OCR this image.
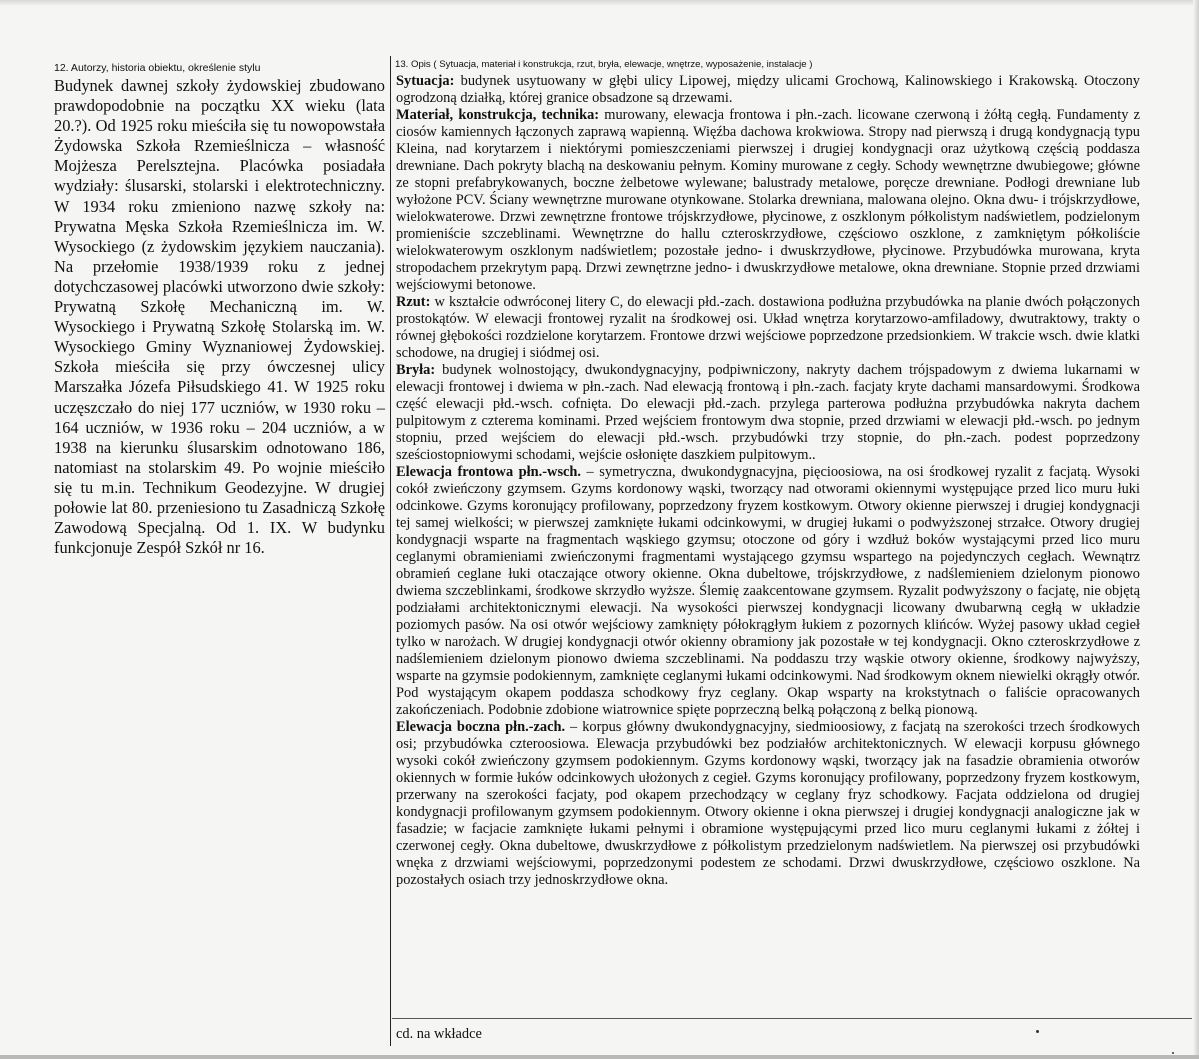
12. Autorzy, historia obiektu, określenie stylu	13. Opis ( Sytuacja, materiał i konstrukcja, rzut, bryła, elewacje, wnętrze, wyposażenie, instalacje )

Budynek dawnej szkoły żydowskiej zbudowano prawdopodobnie na początku XX wieku (lata 20.?). Od 1925 roku mieściła się tu nowopowstała Żydowska Szkoła Rzemieślnicza – własność Mojżesza Perelsztejna. Placówka posiadała wydziały: ślusarski, stolarski i elektrotechniczny. W 1934 roku zmieniono nazwę szkoły na: Prywatna Męska Szkoła Rzemieślnicza im. W. Wysockiego (z żydowskim językiem nauczania). Na przełomie 1938/1939 roku z jednej dotychczasowej placówki utworzono dwie szkoły: Prywatną Szkołę Mechaniczną im. W. Wysockiego i Prywatną Szkołę Stolarską im. W. Wysockiego Gminy Wyznaniowej Żydowskiej. Szkoła mieściła się przy ówczesnej ulicy Marszałka Józefa Piłsudskiego 41. W 1925 roku uczęszczało do niej 177 uczniów, w 1930 roku – 164 uczniów, w 1936 roku – 204 uczniów, a w 1938 na kierunku ślusarskim odnotowano 186, natomiast na stolarskim 49. Po wojnie mieściło się tu m.in. Technikum Geodezyjne. W drugiej połowie lat 80. przeniesiono tu Zasadniczą Szkołę Zawodową Specjalną. Od 1. IX. W budynku funkcjonuje Zespół Szkół nr 16.

Sytuacja: budynek usytuowany w głębi ulicy Lipowej, między ulicami Grochową, Kalinowskiego i Krakowską. Otoczony ogrodzoną działką, której granice obsadzone są drzewami.

Materiał, konstrukcja, technika: murowany, elewacja frontowa i płn.-zach. licowane czerwoną i żółtą cegłą. Fundamenty z ciosów kamiennych łączonych zaprawą wapienną. Więźba dachowa krokwiowa. Stropy nad pierwszą i drugą kondygnacją typu Kleina, nad korytarzem i niektórymi pomieszczeniami pierwszej i drugiej kondygnacji oraz użytkową częścią poddasza drewniane. Dach pokryty blachą na deskowaniu pełnym. Kominy murowane z cegły. Schody wewnętrzne dwubiegowe; główne ze stopni prefabrykowanych, boczne żelbetowe wylewane; balustrady metalowe, poręcze drewniane. Podłogi drewniane lub wyłożone PCV. Ściany wewnętrzne murowane otynkowane. Stolarka drewniana, malowana olejno. Okna dwu- i trójskrzydłowe, wielokwaterowe. Drzwi zewnętrzne frontowe trójskrzydłowe, płycinowe, z oszklonym półkolistym nadświetlem, podzielonym promieniście szczeblinami. Wewnętrzne do hallu czteroskrzydłowe, częściowo oszklone, z zamkniętym półkoliście wielokwaterowym oszklonym nadświetlem; pozostałe jedno- i dwuskrzydłowe, płycinowe. Przybudówka murowana, kryta stropodachem przekrytym papą. Drzwi zewnętrzne jedno- i dwuskrzydłowe metalowe, okna drewniane. Stopnie przed drzwiami wejściowymi betonowe.

Rzut: w kształcie odwróconej litery C, do elewacji płd.-zach. dostawiona podłużna przybudówka na planie dwóch połączonych prostokątów. W elewacji frontowej ryzalit na środkowej osi. Układ wnętrza korytarzowo-amfiladowy, dwutraktowy, trakty o równej głębokości rozdzielone korytarzem. Frontowe drzwi wejściowe poprzedzone przedsionkiem. W trakcie wsch. dwie klatki schodowe, na drugiej i siódmej osi.

Bryła: budynek wolnostojący, dwukondygnacyjny, podpiwniczony, nakryty dachem trójspadowym z dwiema lukarnami w elewacji frontowej i dwiema w płn.-zach. Nad elewacją frontową i płn.-zach. facjaty kryte dachami mansardowymi. Środkowa część elewacji płd.-wsch. cofnięta. Do elewacji płd.-zach. przylega parterowa podłużna przybudówka nakryta dachem pulpitowym z czterema kominami. Przed wejściem frontowym dwa stopnie, przed drzwiami w elewacji płd.-wsch. po jednym stopniu, przed wejściem do elewacji płd.-wsch. przybudówki trzy stopnie, do płn.-zach. podest poprzedzony sześciostopniowymi schodami, wejście osłonięte daszkiem pulpitowym..

Elewacja frontowa płn.-wsch. – symetryczna, dwukondygnacyjna, pięcioosiowa, na osi środkowej ryzalit z facjatą. Wysoki cokół zwieńczony gzymsem. Gzyms kordonowy wąski, tworzący nad otworami okiennymi występujące przed lico muru łuki odcinkowe. Gzyms koronujący profilowany, poprzedzony fryzem kostkowym. Otwory okienne pierwszej i drugiej kondygnacji tej samej wielkości; w pierwszej zamknięte łukami odcinkowymi, w drugiej łukami o podwyższonej strzałce. Otwory drugiej kondygnacji wsparte na fragmentach wąskiego gzymsu; otoczone od góry i wzdłuż boków wystającymi przed lico muru ceglanymi obramieniami zwieńczonymi fragmentami wystającego gzymsu wspartego na pojedynczych cegłach. Wewnątrz obramień ceglane łuki otaczające otwory okienne. Okna dubeltowe, trójskrzydłowe, z nadślemieniem dzielonym pionowo dwiema szczeblinkami, środkowe skrzydło wyższe. Ślemię zaakcentowane gzymsem. Ryzalit podwyższony o facjatę, nie objętą podziałami architektonicznymi elewacji. Na wysokości pierwszej kondygnacji licowany dwubarwną cegłą w układzie poziomych pasów. Na osi otwór wejściowy zamknięty półokrągłym łukiem z pozornych klińców. Wyżej pasowy układ cegieł tylko w narożach. W drugiej kondygnacji otwór okienny obramiony jak pozostałe w tej kondygnacji. Okno czteroskrzydłowe z nadślemieniem dzielonym pionowo dwiema szczeblinami. Na poddaszu trzy wąskie otwory okienne, środkowy najwyższy, wsparte na gzymsie podokiennym, zamknięte ceglanymi łukami odcinkowymi. Nad środkowym oknem niewielki okrągły otwór. Pod wystającym okapem poddasza schodkowy fryz ceglany. Okap wsparty na krokstytnach o faliście opracowanych zakończeniach. Podobnie zdobione wiatrownice spięte poprzeczną belką połączoną z belką pionową.

Elewacja boczna płn.-zach. – korpus główny dwukondygnacyjny, siedmioosiowy, z facjatą na szerokości trzech środkowych osi; przybudówka czteroosiowa. Elewacja przybudówki bez podziałów architektonicznych. W elewacji korpusu głównego wysoki cokół zwieńczony gzymsem podokiennym. Gzyms kordonowy wąski, tworzący jak na fasadzie obramienia otworów okiennych w formie łuków odcinkowych ułożonych z cegieł. Gzyms koronujący profilowany, poprzedzony fryzem kostkowym, przerwany na szerokości facjaty, pod okapem przechodzący w ceglany fryz schodkowy. Facjata oddzielona od drugiej kondygnacji profilowanym gzymsem podokiennym. Otwory okienne i okna pierwszej i drugiej kondygnacji analogiczne jak w fasadzie; w facjacie zamknięte łukami pełnymi i obramione występującymi przed lico muru ceglanymi łukami z żółtej i czerwonej cegły. Okna dubeltowe, dwuskrzydłowe z półkolistym przedzielonym nadświetlem. Na pierwszej osi przybudówki wnęka z drzwiami wejściowymi, poprzedzonymi podestem ze schodami. Drzwi dwuskrzydłowe, częściowo oszklone. Na pozostałych osiach trzy jednoskrzydłowe okna.

cd. na wkładce
